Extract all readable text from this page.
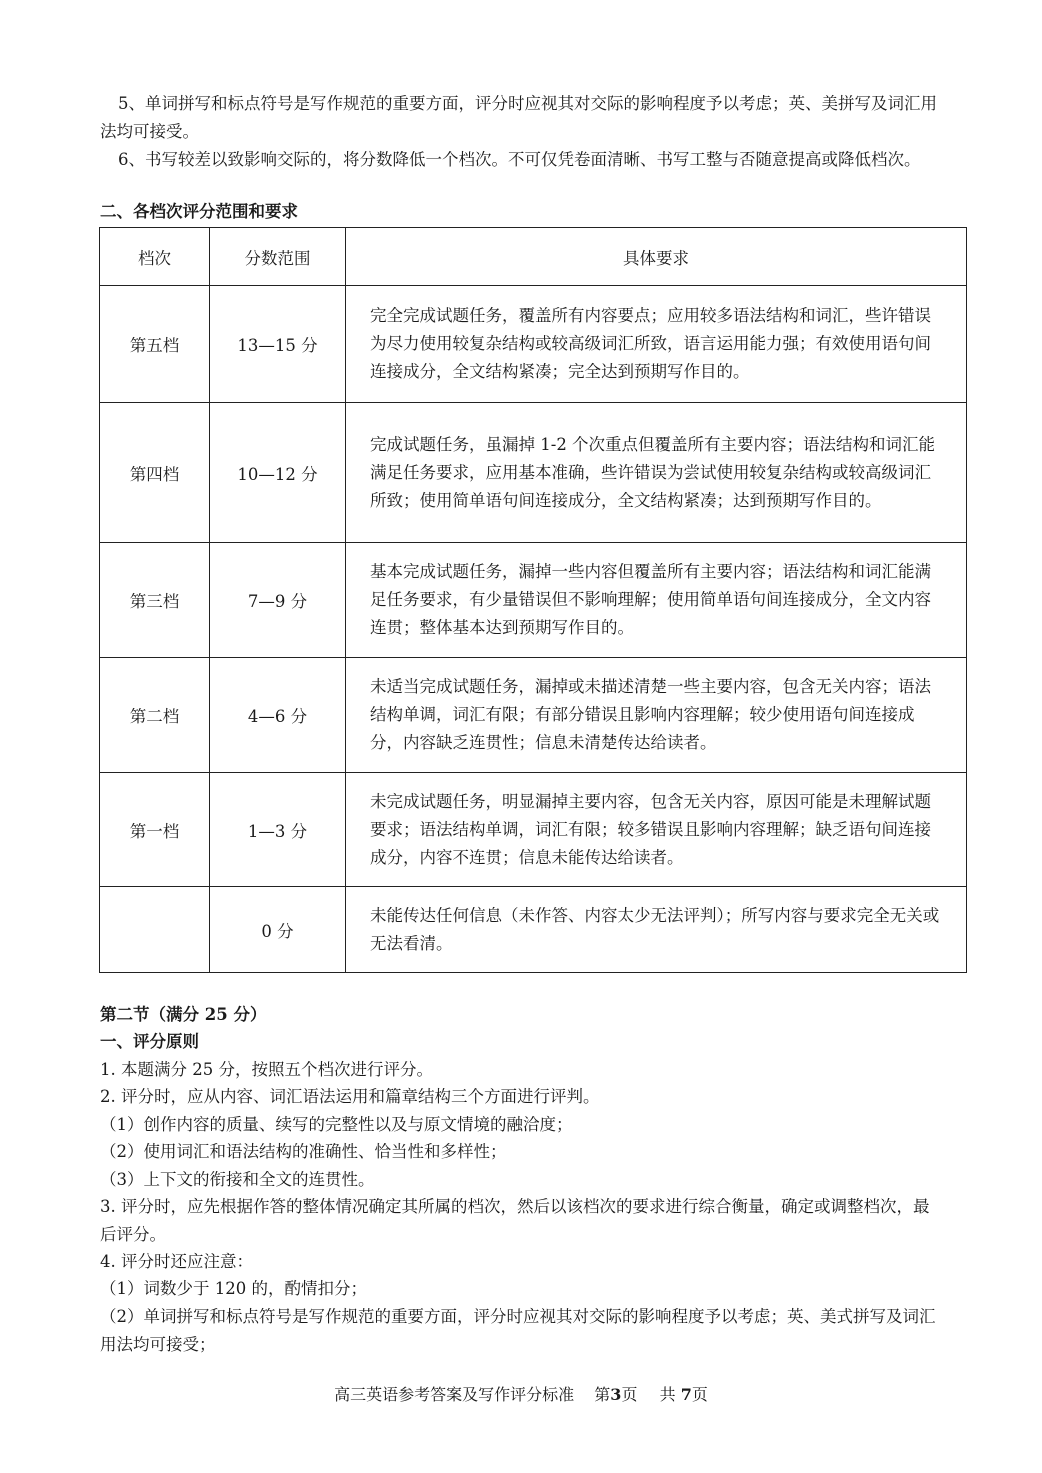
5、单词拼写和标点符号是写作规范的重要方面，评分时应视其对交际的影响程度予以考虑；英、美拼写及词汇用法均可接受。

6、书写较差以致影响交际的，将分数降低一个档次。不可仅凭卷面清晰、书写工整与否随意提高或降低档次。

二、各档次评分范围和要求

档次	分数范围	具体要求
第五档	13—15 分	完全完成试题任务，覆盖所有内容要点；应用较多语法结构和词汇，些许错误为尽力使用较复杂结构或较高级词汇所致，语言运用能力强；有效使用语句间连接成分，全文结构紧凑；完全达到预期写作目的。
第四档	10—12 分	完成试题任务，虽漏掉 1-2 个次重点但覆盖所有主要内容；语法结构和词汇能满足任务要求，应用基本准确，些许错误为尝试使用较复杂结构或较高级词汇所致；使用简单语句间连接成分，全文结构紧凑；达到预期写作目的。
第三档	7—9 分	基本完成试题任务，漏掉一些内容但覆盖所有主要内容；语法结构和词汇能满足任务要求，有少量错误但不影响理解；使用简单语句间连接成分，全文内容连贯；整体基本达到预期写作目的。
第二档	4—6 分	未适当完成试题任务，漏掉或未描述清楚一些主要内容，包含无关内容；语法结构单调，词汇有限；有部分错误且影响内容理解；较少使用语句间连接成分，内容缺乏连贯性；信息未清楚传达给读者。
第一档	1—3 分	未完成试题任务，明显漏掉主要内容，包含无关内容，原因可能是未理解试题要求；语法结构单调，词汇有限；较多错误且影响内容理解；缺乏语句间连接成分，内容不连贯；信息未能传达给读者。
	0 分	未能传达任何信息（未作答、内容太少无法评判）；所写内容与要求完全无关或无法看清。

第二节（满分 25 分）

一、评分原则

1. 本题满分 25 分，按照五个档次进行评分。

2. 评分时，应从内容、词汇语法运用和篇章结构三个方面进行评判。

（1）创作内容的质量、续写的完整性以及与原文情境的融洽度；

（2）使用词汇和语法结构的准确性、恰当性和多样性；

（3）上下文的衔接和全文的连贯性。

3. 评分时，应先根据作答的整体情况确定其所属的档次，然后以该档次的要求进行综合衡量，确定或调整档次，最后评分。

4. 评分时还应注意：

（1）词数少于 120 的，酌情扣分；

（2）单词拼写和标点符号是写作规范的重要方面，评分时应视其对交际的影响程度予以考虑；英、美式拼写及词汇用法均可接受；

高三英语参考答案及写作评分标准 第3页 共 7页
